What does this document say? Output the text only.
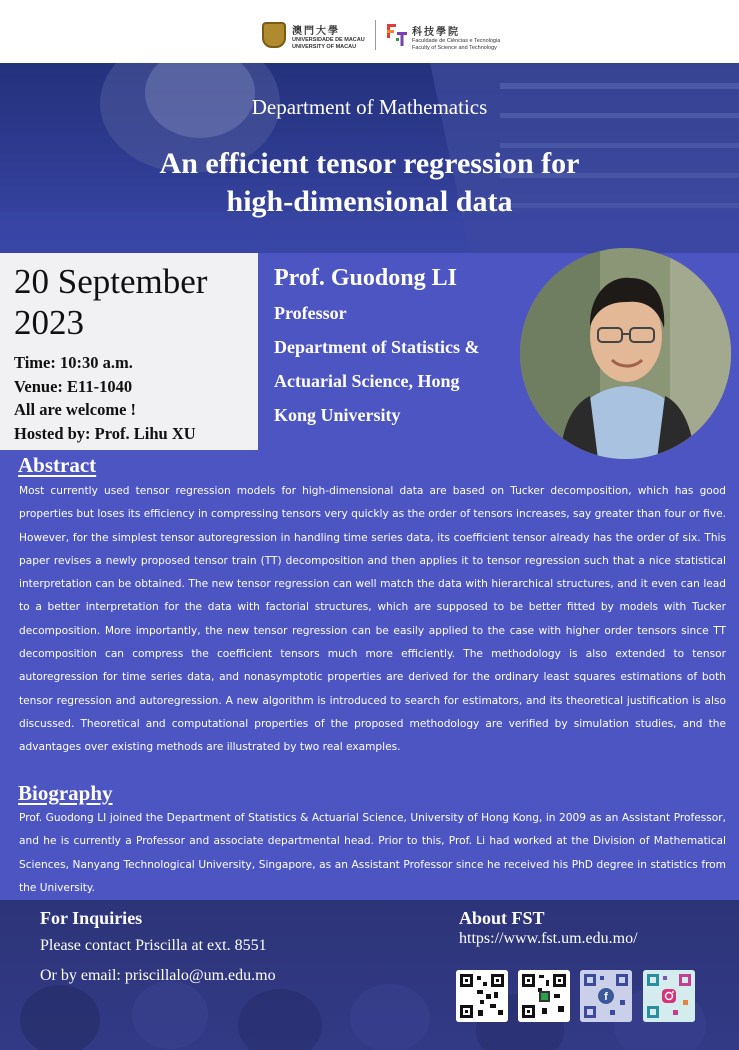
澳門大學
UNIVERSIDADE DE MACAU
UNIVERSITY OF MACAU
科技學院
Faculdade de Ciências e Tecnologia
Faculty of Science and Technology
Department of Mathematics
An efficient tensor regression for
high-dimensional data
20 September
2023
Time: 10:30 a.m.
Venue: E11-1040
All are welcome !
Hosted by: Prof. Lihu XU
Prof. Guodong LI
Professor
Department of Statistics &
Actuarial Science, Hong
Kong University
Abstract
Most currently used tensor regression models for high-dimensional data are based on Tucker decomposition, which has good properties but loses its efficiency in compressing tensors very quickly as the order of tensors increases, say greater than four or five. However, for the simplest tensor autoregression in handling time series data, its coefficient tensor already has the order of six. This paper revises a newly proposed tensor train (TT) decomposition and then applies it to tensor regression such that a nice statistical interpretation can be obtained. The new tensor regression can well match the data with hierarchical structures, and it even can lead to a better interpretation for the data with factorial structures, which are supposed to be better fitted by models with Tucker decomposition. More importantly, the new tensor regression can be easily applied to the case with higher order tensors since TT decomposition can compress the coefficient tensors much more efficiently. The methodology is also extended to tensor autoregression for time series data, and nonasymptotic properties are derived for the ordinary least squares estimations of both tensor regression and autoregression. A new algorithm is introduced to search for estimators, and its theoretical justification is also discussed. Theoretical and computational properties of the proposed methodology are verified by simulation studies, and the advantages over existing methods are illustrated by two real examples.
Biography
Prof. Guodong LI joined the Department of Statistics & Actuarial Science, University of Hong Kong, in 2009 as an Assistant Professor, and he is currently a Professor and associate departmental head. Prior to this, Prof. Li had worked at the Division of Mathematical Sciences, Nanyang Technological University, Singapore, as an Assistant Professor since he received his PhD degree in statistics from the University.
For Inquiries
Please contact Priscilla at ext. 8551
Or by email: priscillalo@um.edu.mo
About FST
https://www.fst.um.edu.mo/
f
